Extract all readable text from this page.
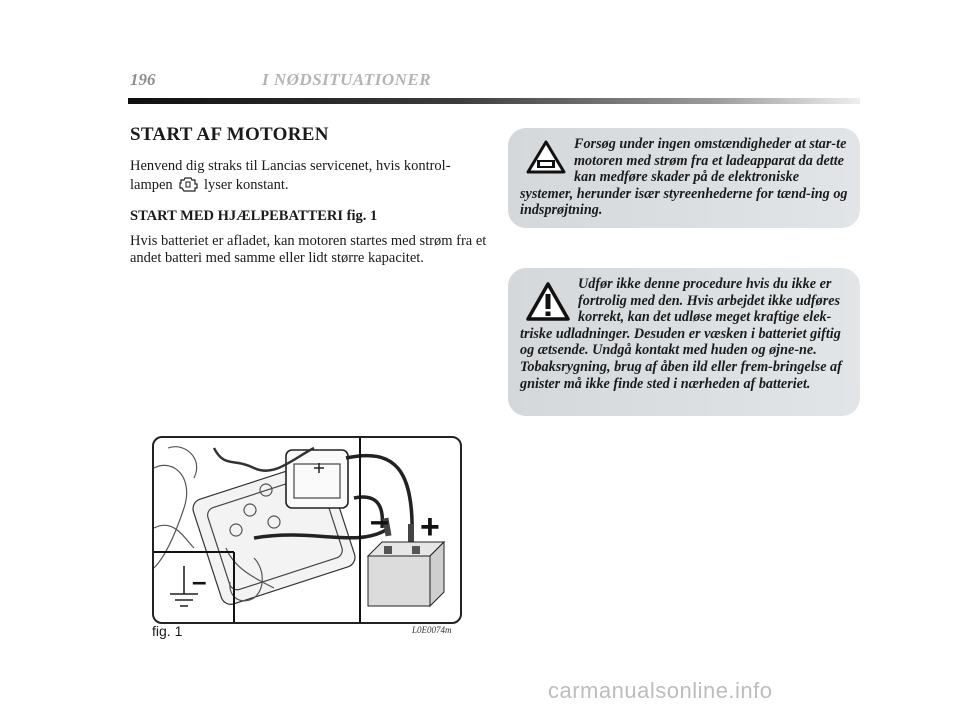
196	I NØDSITUATIONER
START AF MOTOREN
Henvend dig straks til Lancias servicenet, hvis kontrol-lampen lyser konstant.
START MED HJÆLPEBATTERI fig. 1
Hvis batteriet er afladet, kan motoren startes med strøm fra et andet batteri med samme eller lidt større kapacitet.
Forsøg under ingen omstændigheder at star-te motoren med strøm fra et ladeapparat da dette kan medføre skader på de elektroniske systemer, herunder især styreenhederne for tænd-ing og indsprøjtning.
Udfør ikke denne procedure hvis du ikke er fortrolig med den. Hvis arbejdet ikke udføres korrekt, kan det udløse meget kraftige elek-triske udladninger. Desuden er væsken i batteriet giftig og ætsende. Undgå kontakt med huden og øjne-ne. Tobaksrygning, brug af åben ild eller frem-bringelse af gnister må ikke finde sted i nærheden af batteriet.
– +
–
fig. 1	L0E0074m
carmanualsonline.info
